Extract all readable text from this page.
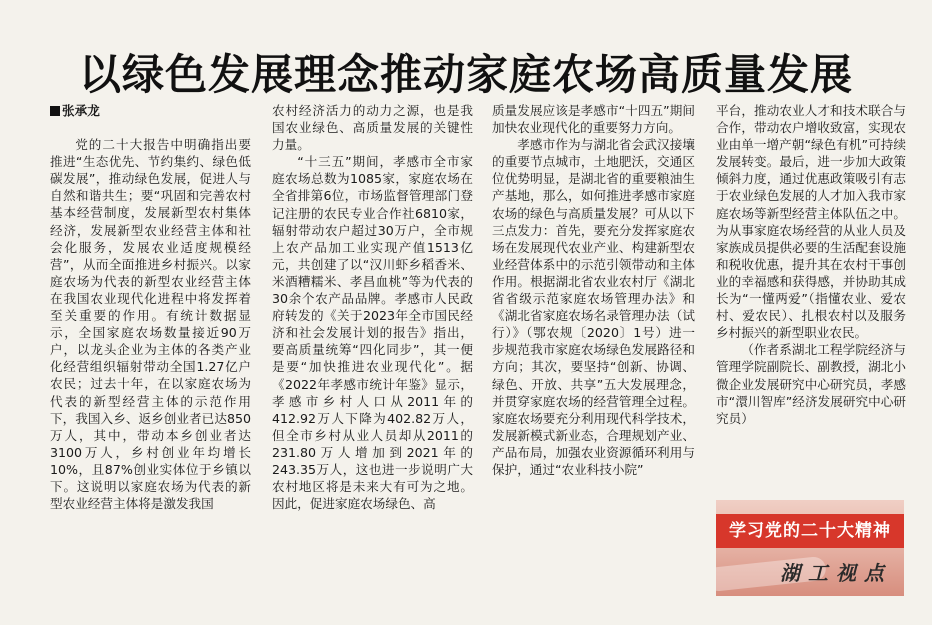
以绿色发展理念推动家庭农场高质量发展

张承龙

党的二十大报告中明确指出要推进“生态优先、节约集约、绿色低碳发展”，推动绿色发展，促进人与自然和谐共生；要“巩固和完善农村基本经营制度，发展新型农村集体经济，发展新型农业经营主体和社会化服务，发展农业适度规模经营”，从而全面推进乡村振兴。以家庭农场为代表的新型农业经营主体在我国农业现代化进程中将发挥着至关重要的作用。有统计数据显示，全国家庭农场数量接近90万户，以龙头企业为主体的各类产业化经营组织辐射带动全国1.27亿户农民；过去十年，在以家庭农场为代表的新型经营主体的示范作用下，我国入乡、返乡创业者已达850万人，其中，带动本乡创业者达3100万人，乡村创业年均增长10%，且87%创业实体位于乡镇以下。这说明以家庭农场为代表的新型农业经营主体将是激发我国

农村经济活力的动力之源，也是我国农业绿色、高质量发展的关键性力量。

“十三五”期间，孝感市全市家庭农场总数为1085家，家庭农场在全省排第6位，市场监督管理部门登记注册的农民专业合作社6810家，辐射带动农户超过30万户，全市规上农产品加工业实现产值1513亿元，共创建了以“汉川虾乡稻香米、米酒糟糯米、孝昌血桃”等为代表的30余个农产品品牌。孝感市人民政府转发的《关于2023年全市国民经济和社会发展计划的报告》指出，要高质量统筹“四化同步”，其一便是要“加快推进农业现代化”。据《2022年孝感市统计年鉴》显示，孝感市乡村人口从2011年的412.92万人下降为402.82万人，但全市乡村从业人员却从2011的231.80万人增加到2021年的243.35万人，这也进一步说明广大农村地区将是未来大有可为之地。因此，促进家庭农场绿色、高

质量发展应该是孝感市“十四五”期间加快农业现代化的重要努力方向。

孝感市作为与湖北省会武汉接壤的重要节点城市，土地肥沃，交通区位优势明显，是湖北省的重要粮油生产基地，那么，如何推进孝感市家庭农场的绿色与高质量发展？可从以下三点发力：首先，要充分发挥家庭农场在发展现代农业产业、构建新型农业经营体系中的示范引领带动和主体作用。根据湖北省农业农村厅《湖北省省级示范家庭农场管理办法》和《湖北省家庭农场名录管理办法（试行）》（鄂农规〔2020〕1号）进一步规范我市家庭农场绿色发展路径和方向；其次，要坚持“创新、协调、绿色、开放、共享”五大发展理念，并贯穿家庭农场的经营管理全过程。家庭农场要充分利用现代科学技术，发展新模式新业态，合理规划产业、产品布局，加强农业资源循环利用与保护，通过“农业科技小院”

平台，推动农业人才和技术联合与合作，带动农户增收致富，实现农业由单一增产朝“绿色有机”可持续发展转变。最后，进一步加大政策倾斜力度，通过优惠政策吸引有志于农业绿色发展的人才加入我市家庭农场等新型经营主体队伍之中。为从事家庭农场经营的从业人员及家族成员提供必要的生活配套设施和税收优惠，提升其在农村干事创业的幸福感和获得感，并协助其成长为“一懂两爱”（指懂农业、爱农村、爱农民）、扎根农村以及服务乡村振兴的新型职业农民。

（作者系湖北工程学院经济与管理学院副院长、副教授，湖北小微企业发展研究中心研究员，孝感市“澴川智库”经济发展研究中心研究员）

学习党的二十大精神
湖工视点
